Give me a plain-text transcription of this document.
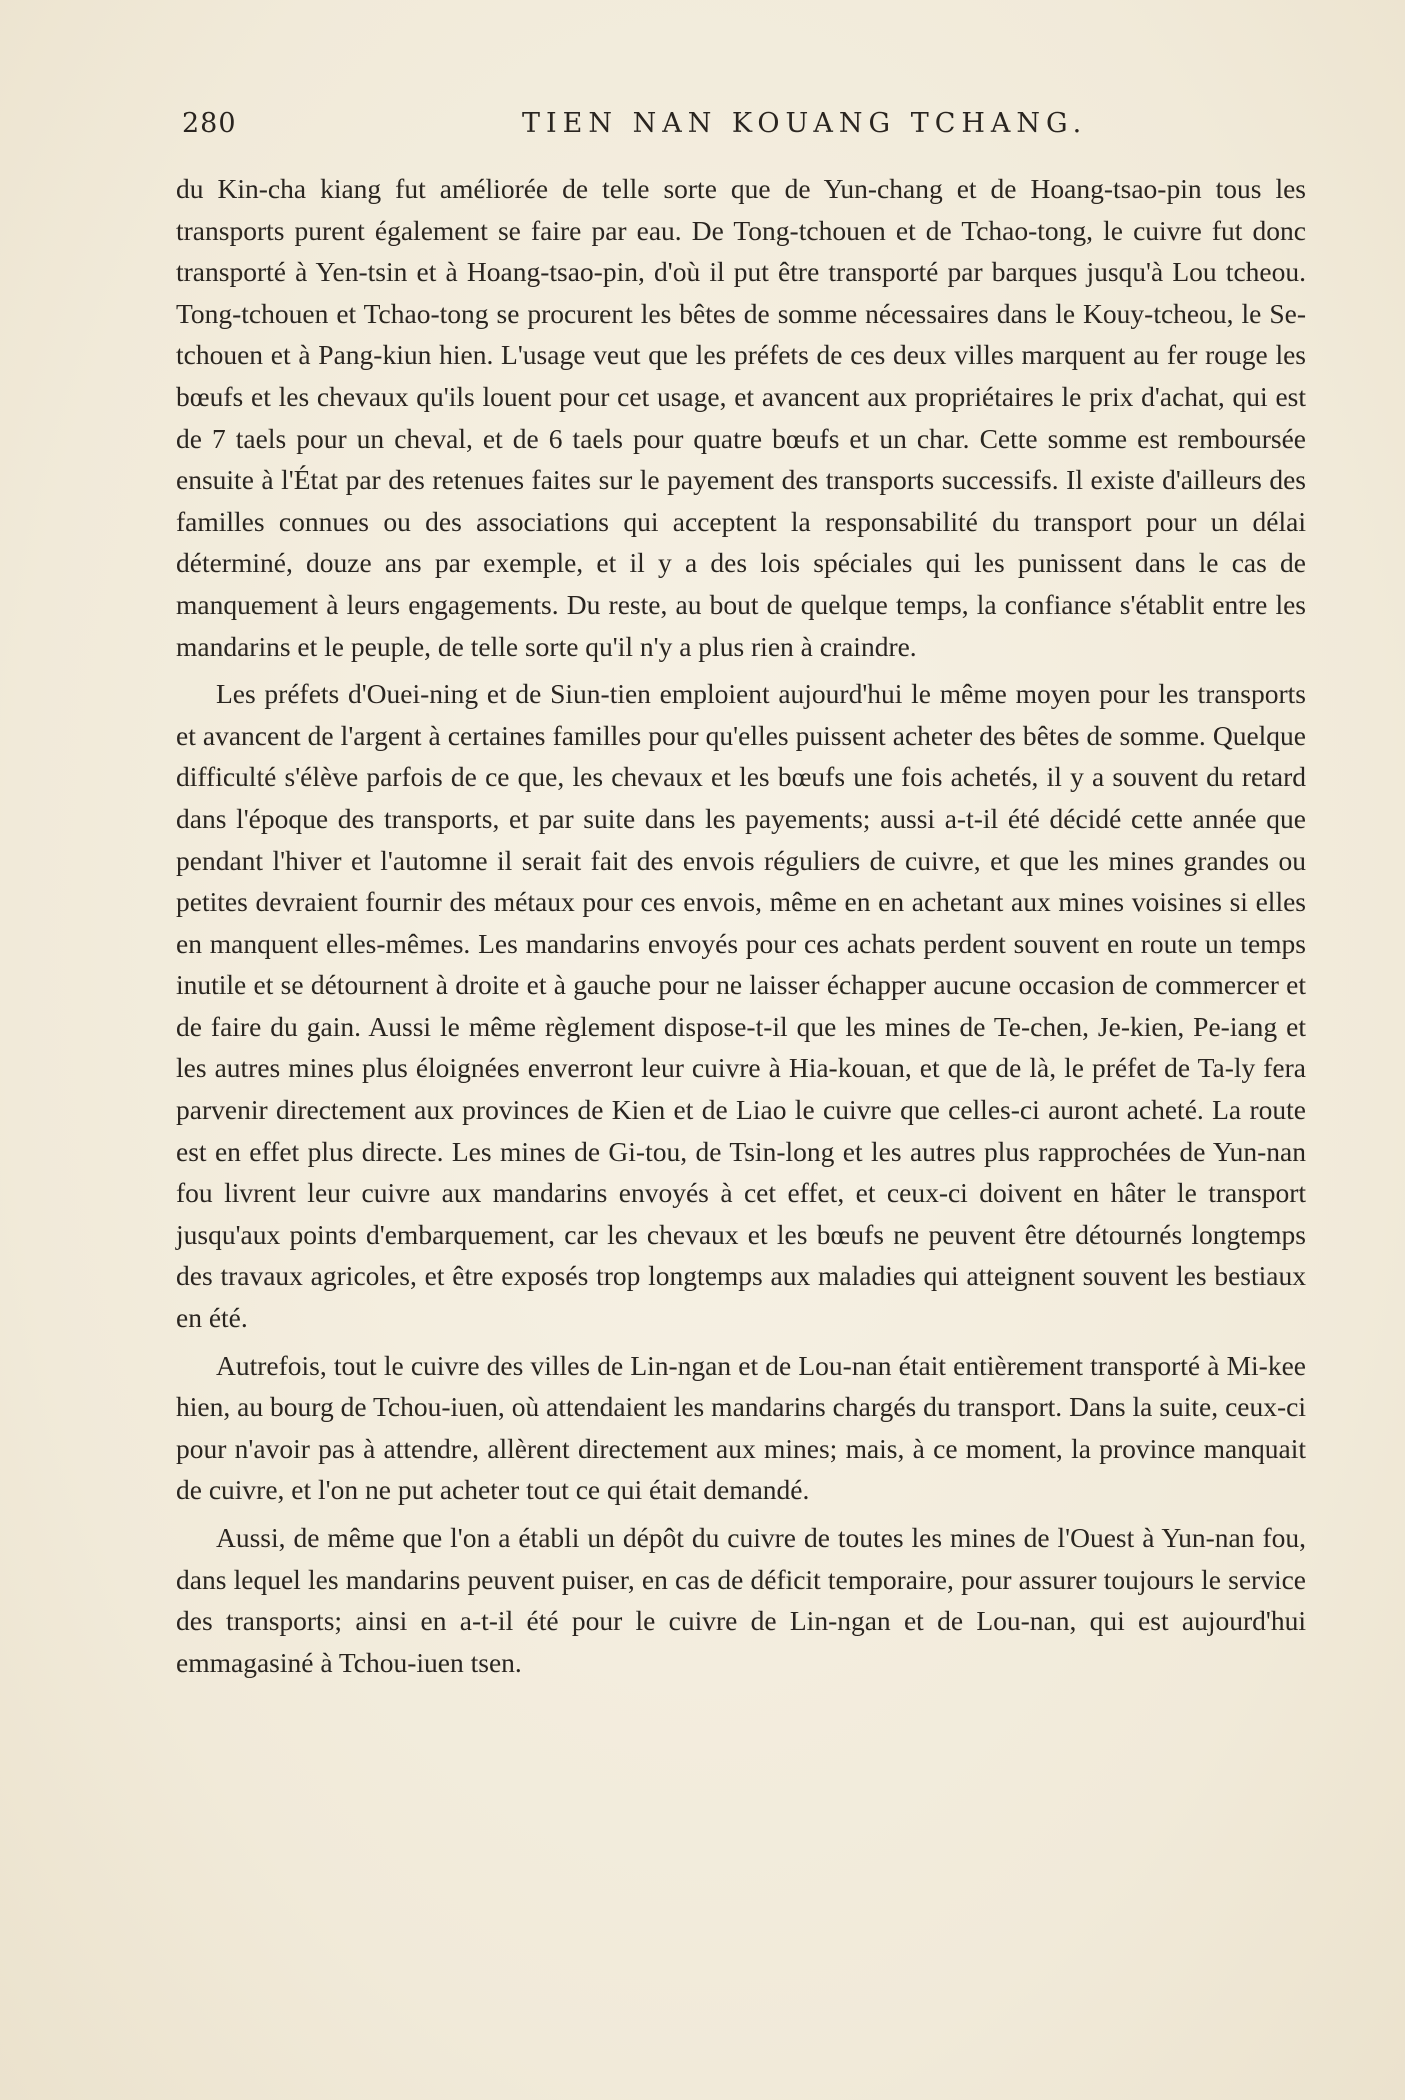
280	TIEN NAN KOUANG TCHANG.

du Kin-cha kiang fut améliorée de telle sorte que de Yun-chang et de Hoang-tsao-pin tous les transports purent également se faire par eau. De Tong-tchouen et de Tchao-tong, le cuivre fut donc transporté à Yen-tsin et à Hoang-tsao-pin, d'où il put être transporté par barques jusqu'à Lou tcheou. Tong-tchouen et Tchao-tong se procurent les bêtes de somme nécessaires dans le Kouy-tcheou, le Se-tchouen et à Pang-kiun hien. L'usage veut que les préfets de ces deux villes marquent au fer rouge les bœufs et les chevaux qu'ils louent pour cet usage, et avancent aux propriétaires le prix d'achat, qui est de 7 taels pour un cheval, et de 6 taels pour quatre bœufs et un char. Cette somme est remboursée ensuite à l'État par des retenues faites sur le payement des transports successifs. Il existe d'ailleurs des familles connues ou des associations qui acceptent la responsabilité du transport pour un délai déterminé, douze ans par exemple, et il y a des lois spéciales qui les punissent dans le cas de manquement à leurs engagements. Du reste, au bout de quelque temps, la confiance s'établit entre les mandarins et le peuple, de telle sorte qu'il n'y a plus rien à craindre.

Les préfets d'Ouei-ning et de Siun-tien emploient aujourd'hui le même moyen pour les transports et avancent de l'argent à certaines familles pour qu'elles puissent acheter des bêtes de somme. Quelque difficulté s'élève parfois de ce que, les chevaux et les bœufs une fois achetés, il y a souvent du retard dans l'époque des transports, et par suite dans les payements; aussi a-t-il été décidé cette année que pendant l'hiver et l'automne il serait fait des envois réguliers de cuivre, et que les mines grandes ou petites devraient fournir des métaux pour ces envois, même en en achetant aux mines voisines si elles en manquent elles-mêmes. Les mandarins envoyés pour ces achats perdent souvent en route un temps inutile et se détournent à droite et à gauche pour ne laisser échapper aucune occasion de commercer et de faire du gain. Aussi le même règlement dispose-t-il que les mines de Te-chen, Je-kien, Pe-iang et les autres mines plus éloignées enverront leur cuivre à Hia-kouan, et que de là, le préfet de Ta-ly fera parvenir directement aux provinces de Kien et de Liao le cuivre que celles-ci auront acheté. La route est en effet plus directe. Les mines de Gi-tou, de Tsin-long et les autres plus rapprochées de Yun-nan fou livrent leur cuivre aux mandarins envoyés à cet effet, et ceux-ci doivent en hâter le transport jusqu'aux points d'embarquement, car les chevaux et les bœufs ne peuvent être détournés longtemps des travaux agricoles, et être exposés trop longtemps aux maladies qui atteignent souvent les bestiaux en été.

Autrefois, tout le cuivre des villes de Lin-ngan et de Lou-nan était entièrement transporté à Mi-kee hien, au bourg de Tchou-iuen, où attendaient les mandarins chargés du transport. Dans la suite, ceux-ci pour n'avoir pas à attendre, allèrent directement aux mines; mais, à ce moment, la province manquait de cuivre, et l'on ne put acheter tout ce qui était demandé.

Aussi, de même que l'on a établi un dépôt du cuivre de toutes les mines de l'Ouest à Yun-nan fou, dans lequel les mandarins peuvent puiser, en cas de déficit temporaire, pour assurer toujours le service des transports; ainsi en a-t-il été pour le cuivre de Lin-ngan et de Lou-nan, qui est aujourd'hui emmagasiné à Tchou-iuen tsen.
